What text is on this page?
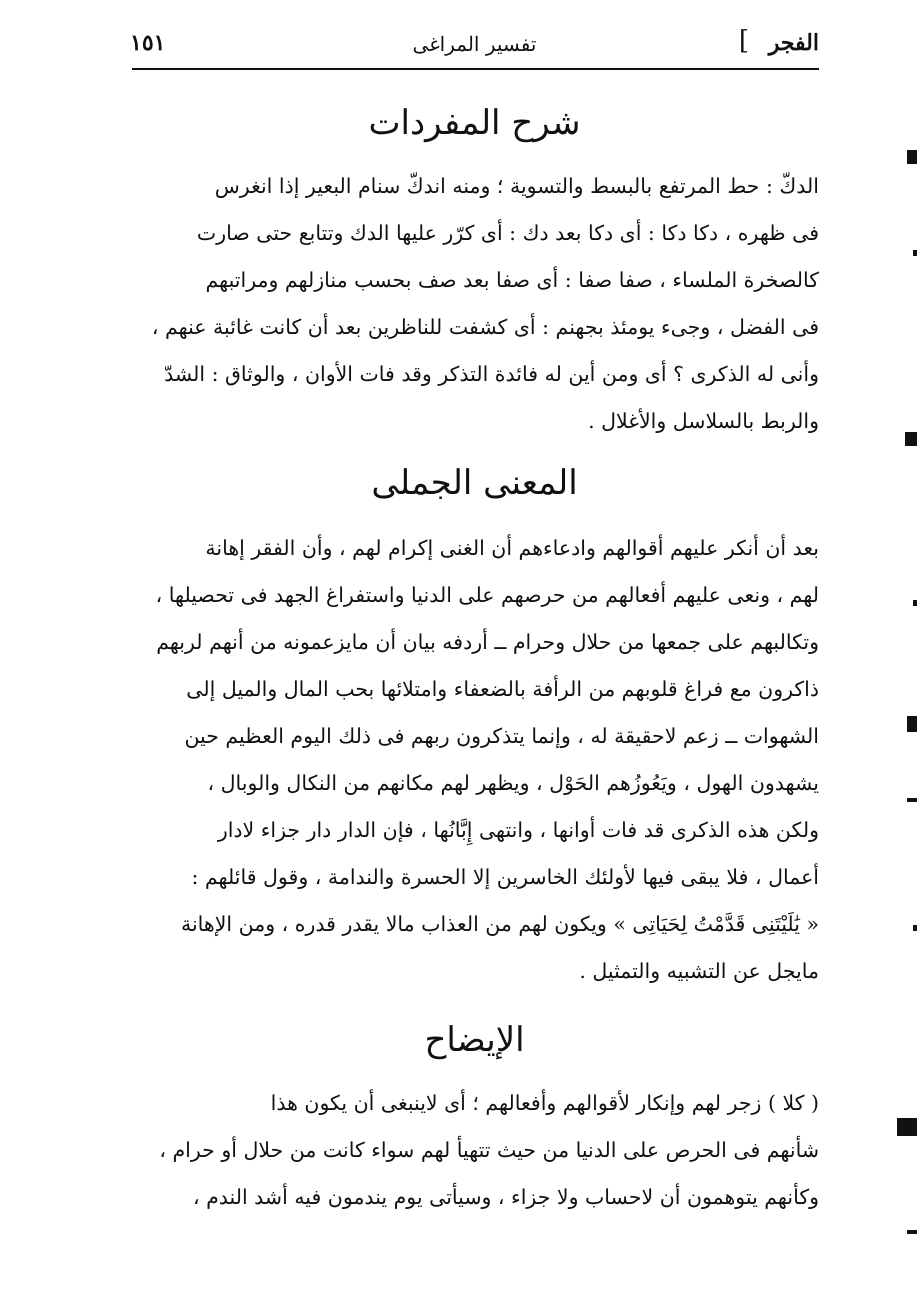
الفجر
]
تفسير المراغى
١٥١
شرح المفردات

الدكّ : حط المرتفع بالبسط والتسوية ؛ ومنه اندكّ سنام البعير إذا انغرس

فى ظهره ، دكا دكا : أى دكا بعد دك : أى كرّر عليها الدك وتتابع حتى صارت

كالصخرة الملساء ، صفا صفا : أى صفا بعد صف بحسب منازلهم ومراتبهم

فى الفضل ، وجىء يومئذ بجهنم : أى كشفت للناظرين بعد أن كانت غائبة عنهم ،

وأنى له الذكرى ؟ أى ومن أين له فائدة التذكر وقد فات الأوان ، والوثاق : الشدّ

والربط بالسلاسل والأغلال .

المعنى الجملى

بعد أن أنكر عليهم أقوالهم وادعاءهم أن الغنى إكرام لهم ، وأن الفقر إهانة

لهم ، ونعى عليهم أفعالهم من حرصهم على الدنيا واستفراغ الجهد فى تحصيلها ،

وتكالبهم على جمعها من حلال وحرام ــ أردفه بيان أن مايزعمونه من أنهم لربهم

ذاكرون مع فراغ قلوبهم من الرأفة بالضعفاء وامتلائها بحب المال والميل إلى

الشهوات ــ زعم لاحقيقة له ، وإنما يتذكرون ربهم فى ذلك اليوم العظيم حين

يشهدون الهول ، ويَعُوزُهم الحَوْل ، ويظهر لهم مكانهم من النكال والوبال ،

ولكن هذه الذكرى قد فات أوانها ، وانتهى إِبَّانُها ، فإن الدار دار جزاء لادار

أعمال ، فلا يبقى فيها لأولئك الخاسرين إلا الحسرة والندامة ، وقول قائلهم :

« يَٰلَيْتَنِى قَدَّمْتُ لِحَيَاتِى » ويكون لهم من العذاب مالا يقدر قدره ، ومن الإهانة

مايجل عن التشبيه والتمثيل .

الإيضاح

( كلا ) زجر لهم وإنكار لأقوالهم وأفعالهم ؛ أى لاينبغى أن يكون هذا

شأنهم فى الحرص على الدنيا من حيث تتهيأ لهم سواء كانت من حلال أو حرام ،

وكأنهم يتوهمون أن لاحساب ولا جزاء ، وسيأتى يوم يندمون فيه أشد الندم ،
